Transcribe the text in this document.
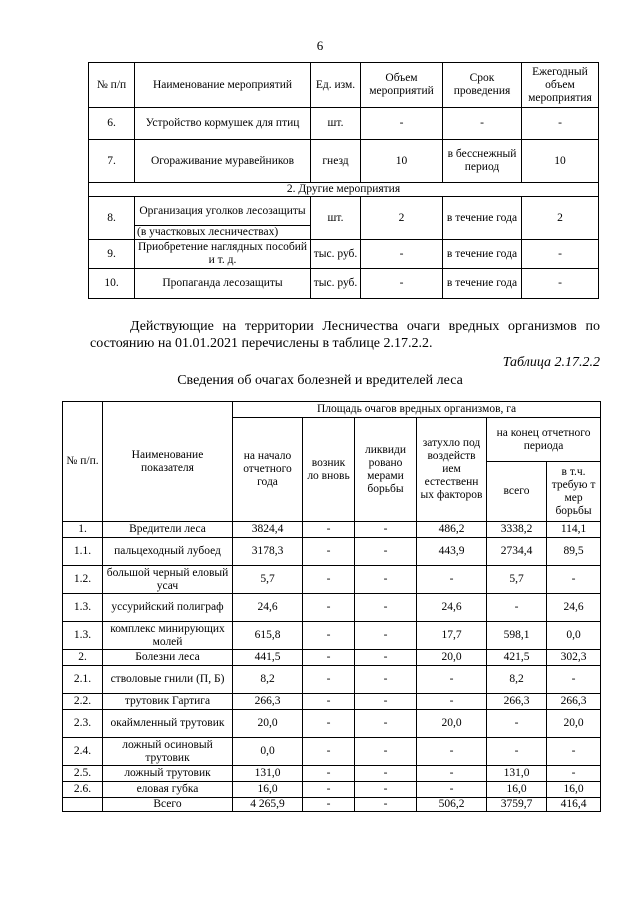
6
№ п/п	Наименование мероприятий	Ед. изм.	Объем мероприятий	Срок проведения	Ежегодный объем мероприятия
6.	Устройство кормушек для птиц	шт.	-	-	-
7.	Огораживание муравейников	гнезд	10	в бесснежный период	10
2. Другие мероприятия					
8.	Организация уголков лесозащиты	шт.	2	в течение года	2
	(в участковых лесничествах)				
9.	Приобретение наглядных пособий и т. д.	тыс. руб.	-	в течение года	-
10.	Пропаганда лесозащиты	тыс. руб.	-	в течение года	-
Действующие на территории Лесничества очаги вредных организмов по состоянию на 01.01.2021 перечислены в таблице 2.17.2.2.
Таблица 2.17.2.2
Сведения об очагах болезней и вредителей леса
№ п/п.	Наименование показателя	Площадь очагов вредных организмов, га					
		на начало отчетного года	возник ло вновь	ликвиди ровано мерами борьбы	затухло под воздейств ием естественн ых факторов	на конец отчетного периода	
						всего	в т.ч. требую т мер борьбы
1.	Вредители леса	3824,4	-	-	486,2	3338,2	114,1
1.1.	пальцеходный лубоед	3178,3	-	-	443,9	2734,4	89,5
1.2.	большой черный еловый усач	5,7	-	-	-	5,7	-
1.3.	уссурийский полиграф	24,6	-	-	24,6	-	24,6
1.3.	комплекс минирующих молей	615,8	-	-	17,7	598,1	0,0
2.	Болезни леса	441,5	-	-	20,0	421,5	302,3
2.1.	стволовые гнили (П, Б)	8,2	-	-	-	8,2	-
2.2.	трутовик Гартига	266,3	-	-	-	266,3	266,3
2.3.	окаймленный трутовик	20,0	-	-	20,0	-	20,0
2.4.	ложный осиновый трутовик	0,0	-	-	-	-	-
2.5.	ложный трутовик	131,0	-	-	-	131,0	-
2.6.	еловая губка	16,0	-	-	-	16,0	16,0
	Всего	4 265,9	-	-	506,2	3759,7	416,4
